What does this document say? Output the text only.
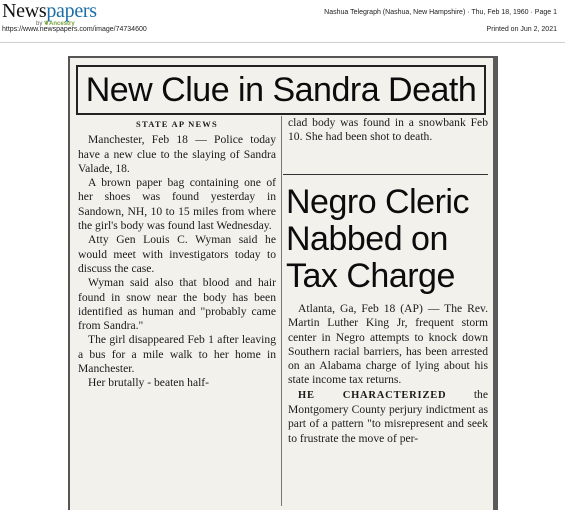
Newspapers
by ❦Ancestry
https://www.newspapers.com/image/74734600
Nashua Telegraph (Nashua, New Hampshire) · Thu, Feb 18, 1960 · Page 1
Printed on Jun 2, 2021
New Clue in Sandra Death
STATE AP NEWS

Manchester, Feb 18 — Police today have a new clue to the slaying of Sandra Valade, 18.

A brown paper bag containing one of her shoes was found yesterday in Sandown, NH, 10 to 15 miles from where the girl's body was found last Wednesday.

Atty Gen Louis C. Wyman said he would meet with investigators today to discuss the case.

Wyman said also that blood and hair found in snow near the body has been identified as human and "probably came from Sandra."

The girl disappeared Feb 1 after leaving a bus for a mile walk to her home in Manchester.

Her brutally - beaten half-

clad body was found in a snowbank Feb 10. She had been shot to death.

Negro Cleric
Nabbed on
Tax Charge

Atlanta, Ga, Feb 18 (AP) — The Rev. Martin Luther King Jr, frequent storm center in Negro attempts to knock down Southern racial barriers, has been arrested on an Alabama charge of lying about his state income tax returns.

HE CHARACTERIZED the Montgomery County perjury indictment as part of a pattern "to misrepresent and seek to frustrate the move of per-
